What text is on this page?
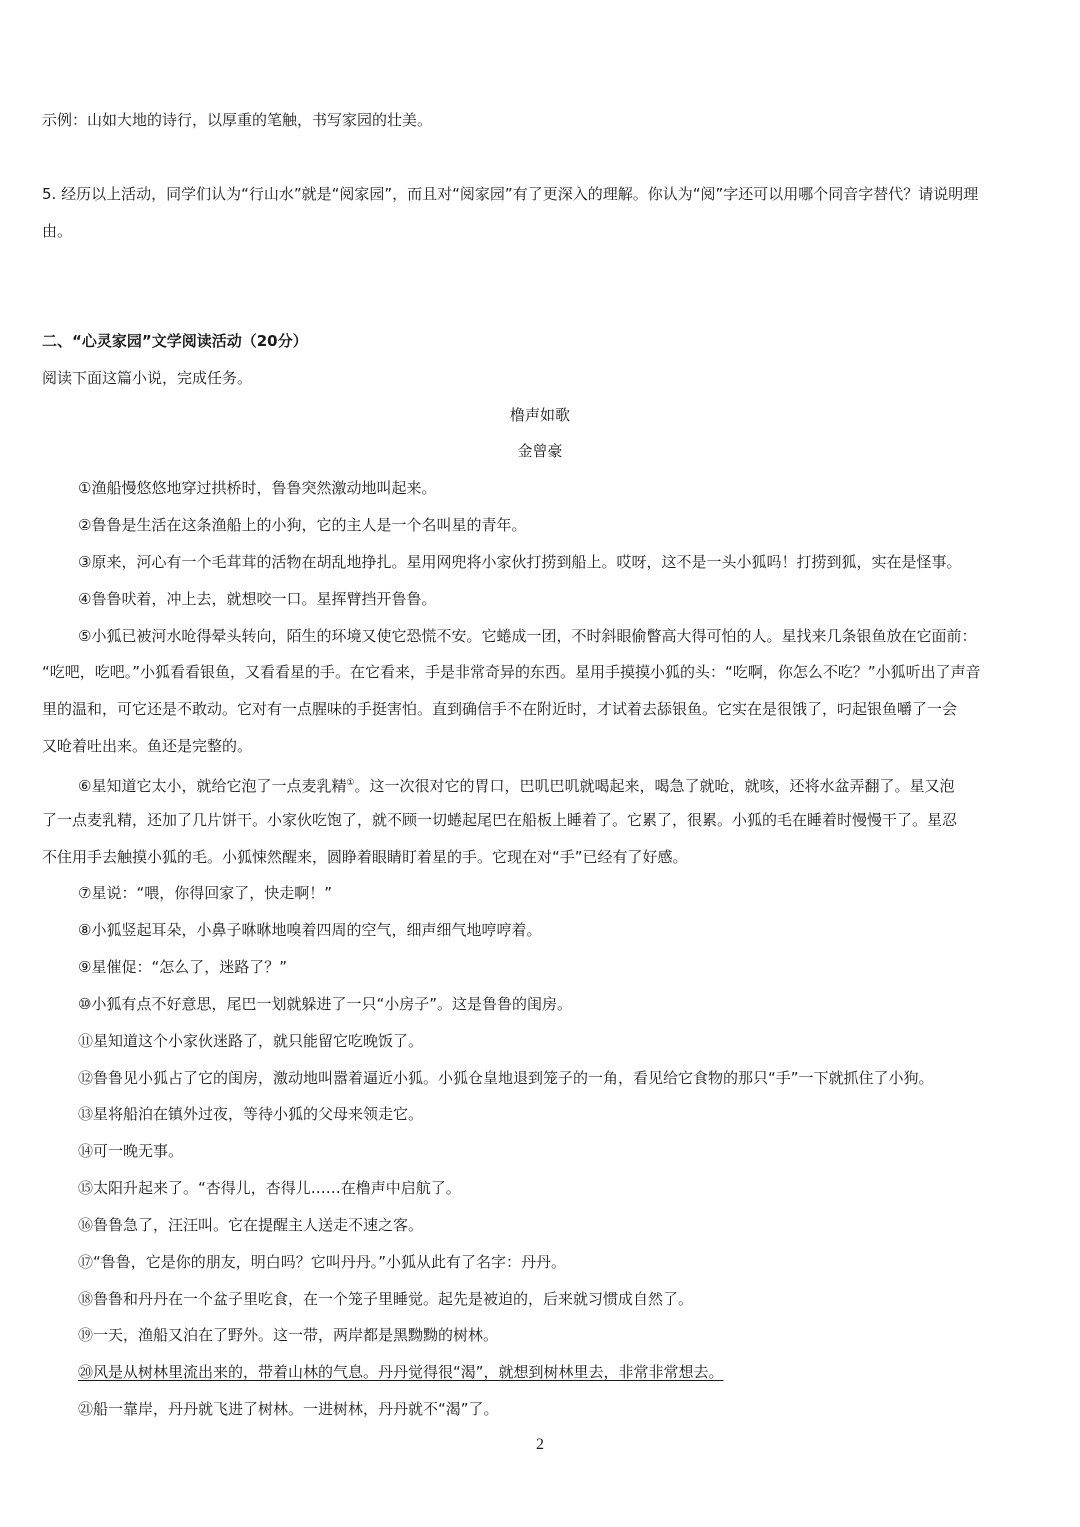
示例：山如大地的诗行，以厚重的笔触，书写家园的壮美。
5. 经历以上活动，同学们认为“行山水”就是“阅家园”，而且对“阅家园”有了更深入的理解。你认为“阅”字还可以用哪个同音字替代？请说明理
由。
二、“心灵家园”文学阅读活动（20分）
阅读下面这篇小说，完成任务。
橹声如歌
金曾豪
①渔船慢悠悠地穿过拱桥时，鲁鲁突然激动地叫起来。
②鲁鲁是生活在这条渔船上的小狗，它的主人是一个名叫星的青年。
③原来，河心有一个毛茸茸的活物在胡乱地挣扎。星用网兜将小家伙打捞到船上。哎呀，这不是一头小狐吗！打捞到狐，实在是怪事。
④鲁鲁吠着，冲上去，就想咬一口。星挥臂挡开鲁鲁。
⑤小狐已被河水呛得晕头转向，陌生的环境又使它恐慌不安。它蜷成一团，不时斜眼偷瞥高大得可怕的人。星找来几条银鱼放在它面前：
“吃吧，吃吧。”小狐看看银鱼，又看看星的手。在它看来，手是非常奇异的东西。星用手摸摸小狐的头：“吃啊，你怎么不吃？”小狐听出了声音
里的温和，可它还是不敢动。它对有一点腥味的手挺害怕。直到确信手不在附近时，才试着去舔银鱼。它实在是很饿了，叼起银鱼嚼了一会
又呛着吐出来。鱼还是完整的。
⑥星知道它太小，就给它泡了一点麦乳精①。这一次很对它的胃口，巴叽巴叽就喝起来，喝急了就呛，就咳，还将水盆弄翻了。星又泡
了一点麦乳精，还加了几片饼干。小家伙吃饱了，就不顾一切蜷起尾巴在船板上睡着了。它累了，很累。小狐的毛在睡着时慢慢干了。星忍
不住用手去触摸小狐的毛。小狐悚然醒来，圆睁着眼睛盯着星的手。它现在对“手”已经有了好感。
⑦星说：“喂，你得回家了，快走啊！”
⑧小狐竖起耳朵，小鼻子咻咻地嗅着四周的空气，细声细气地哼哼着。
⑨星催促：“怎么了，迷路了？”
⑩小狐有点不好意思，尾巴一划就躲进了一只“小房子”。这是鲁鲁的闺房。
⑪星知道这个小家伙迷路了，就只能留它吃晚饭了。
⑫鲁鲁见小狐占了它的闺房，激动地叫嚣着逼近小狐。小狐仓皇地退到笼子的一角，看见给它食物的那只“手”一下就抓住了小狗。
⑬星将船泊在镇外过夜，等待小狐的父母来领走它。
⑭可一晚无事。
⑮太阳升起来了。“杏得儿，杏得儿……在橹声中启航了。
⑯鲁鲁急了，汪汪叫。它在提醒主人送走不速之客。
⑰“鲁鲁，它是你的朋友，明白吗？它叫丹丹。”小狐从此有了名字：丹丹。
⑱鲁鲁和丹丹在一个盆子里吃食，在一个笼子里睡觉。起先是被迫的，后来就习惯成自然了。
⑲一天，渔船又泊在了野外。这一带，两岸都是黑黝黝的树林。
⑳风是从树林里流出来的，带着山林的气息。丹丹觉得很“渴”，就想到树林里去，非常非常想去。
㉑船一靠岸，丹丹就飞进了树林。一进树林，丹丹就不“渴”了。
2
